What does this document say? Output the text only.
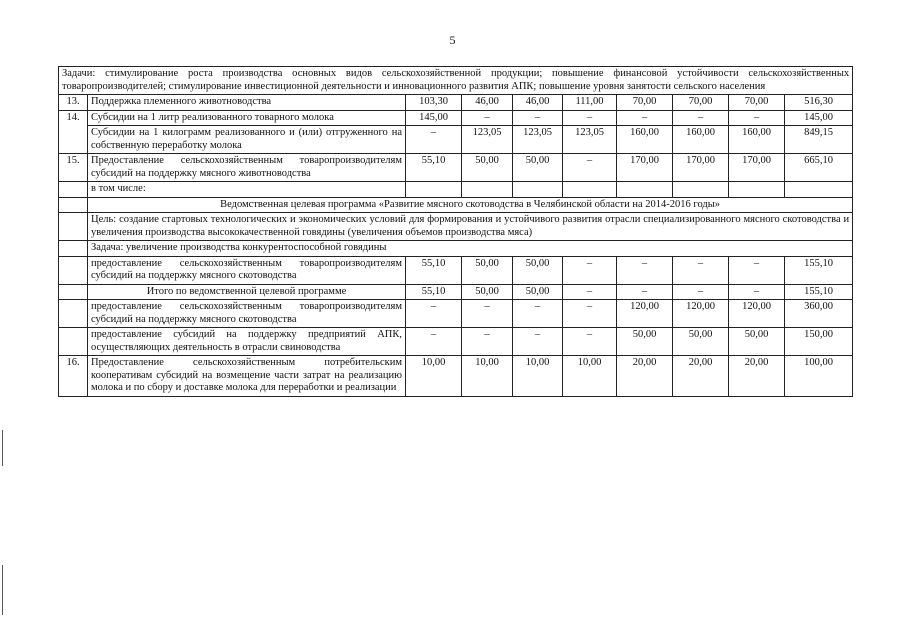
5
Задачи: стимулирование роста производства основных видов сельскохозяйственной продукции; повышение финансовой устойчивости сельскохозяйственных товаропроизводителей; стимулирование инвестиционной деятельности и инновационного развития АПК; повышение уровня занятости сельского населения									
13.	Поддержка племенного животноводства	103,30	46,00	46,00	111,00	70,00	70,00	70,00	516,30
14.	Субсидии на 1 литр реализованного товарного молока	145,00	–	–	–	–	–	–	145,00
	Субсидии на 1 килограмм реализованного и (или) отгруженного на собственную переработку молока	–	123,05	123,05	123,05	160,00	160,00	160,00	849,15
15.	Предоставление сельскохозяйственным товаропроизводителям субсидий на поддержку мясного животноводства	55,10	50,00	50,00	–	170,00	170,00	170,00	665,10
	в том числе:								
	Ведомственная целевая программа «Развитие мясного скотоводства в Челябинской области на 2014-2016 годы»								
	Цель: создание стартовых технологических и экономических условий для формирования и устойчивого развития отрасли специализированного мясного скотоводства и увеличения производства высококачественной говядины (увеличения объемов производства мяса)								
	Задача: увеличение производства конкурентоспособной говядины								
	предоставление сельскохозяйственным товаропроизводителям субсидий на поддержку мясного скотоводства	55,10	50,00	50,00	–	–	–	–	155,10
	Итого по ведомственной целевой программе	55,10	50,00	50,00	–	–	–	–	155,10
	предоставление сельскохозяйственным товаропроизводителям субсидий на поддержку мясного скотоводства	–	–	–	–	120,00	120,00	120,00	360,00
	предоставление субсидий на поддержку предприятий АПК, осуществляющих деятельность в отрасли свиноводства	–	–	–	–	50,00	50,00	50,00	150,00
16.	Предоставление сельскохозяйственным потребительским кооперативам субсидий на возмещение части затрат на реализацию молока и по сбору и доставке молока для переработки и реализации	10,00	10,00	10,00	10,00	20,00	20,00	20,00	100,00
